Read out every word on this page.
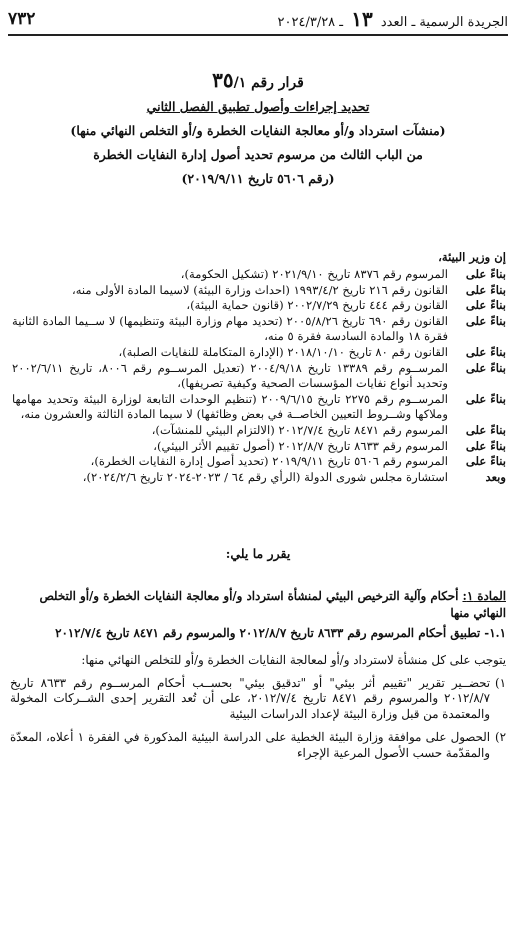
الجريدة الرسمية ـ العدد ١٣ ـ ٢٠٢٤/٣/٢٨
٧٣٢
قرار رقم ٣٥/١
تحديد إجراءات وأصول تطبيق الفصل الثاني
(منشآت استرداد و/أو معالجة النفايات الخطرة و/أو التخلص النهائي منها)
من الباب الثالث من مرسوم تحديد أصول إدارة النفايات الخطرة
(رقم ٥٦٠٦ تاريخ ٢٠١٩/٩/١١)
إن وزير البيئة،
بناءً على
المرسوم رقم ٨٣٧٦ تاريخ ٢٠٢١/٩/١٠ (تشكيل الحكومة)،
بناءً على
القانون رقم ٢١٦ تاريخ ١٩٩٣/٤/٢ (احداث وزارة البيئة) لاسيما المادة الأولى منه،
بناءً على
القانون رقم ٤٤٤ تاريخ ٢٠٠٢/٧/٢٩ (قانون حماية البيئة)،
بناءً على
القانون رقم ٦٩٠ تاريخ ٢٠٠٥/٨/٢٦ (تحديد مهام وزارة البيئة وتنظيمها) لا ســيما المادة الثانية فقرة ١٨ والمادة السادسة فقرة ٥ منه،
بناءً على
القانون رقم ٨٠ تاريخ ٢٠١٨/١٠/١٠ (الإدارة المتكاملة للنفايات الصلبة)،
بناءً على
المرســوم رقم ١٣٣٨٩ تاريخ ٢٠٠٤/٩/١٨ (تعديل المرســوم رقم ٨٠٠٦، تاريخ ٢٠٠٢/٦/١١ وتحديد أنواع نفايات المؤسسات الصحية وكيفية تصريفها)،
بناءً على
المرســوم رقم ٢٢٧٥ تاريخ ٢٠٠٩/٦/١٥ (تنظيم الوحدات التابعة لوزارة البيئة وتحديد مهامها وملاكها وشــروط التعيين الخاصــة في بعض وظائفها) لا سيما المادة الثالثة والعشرون منه،
بناءً على
المرسوم رقم ٨٤٧١ تاريخ ٢٠١٢/٧/٤ (الالتزام البيئي للمنشآت)،
بناءً على
المرسوم رقم ٨٦٣٣ تاريخ ٢٠١٢/٨/٧ (أصول تقييم الأثر البيئي)،
بناءً على
المرسوم رقم ٥٦٠٦ تاريخ ٢٠١٩/٩/١١ (تحديد أصول إدارة النفايات الخطرة)،
وبعد
استشارة مجلس شورى الدولة (الرأي رقم ٦٤ / ٢٠٢٣-٢٠٢٤ تاريخ ٢٠٢٤/٢/٦)،
يقرر ما يلي:
المادة ١: أحكام وآلية الترخيص البيئي لمنشأة استرداد و/أو معالجة النفايات الخطرة و/أو التخلص النهائي منها
١.١- تطبيق أحكام المرسوم رقم ٨٦٣٣ تاريخ ٢٠١٢/٨/٧ والمرسوم رقم ٨٤٧١ تاريخ ٢٠١٢/٧/٤
يتوجب على كل منشأة لاسترداد و/أو لمعالجة النفايات الخطرة و/أو للتخلص النهائي منها:
١)
تحضــير تقرير "تقييم أثر بيئي" أو "تدقيق بيئي" بحســب أحكام المرســوم رقم ٨٦٣٣ تاريخ ٢٠١٢/٨/٧ والمرسوم رقم ٨٤٧١ تاريخ ٢٠١٢/٧/٤، على أن تُعد التقرير إحدى الشــركات المخولة والمعتمدة من قبل وزارة البيئة لإعداد الدراسات البيئية
٢)
الحصول على موافقة وزارة البيئة الخطية على الدراسة البيئية المذكورة في الفقرة ١ أعلاه، المعدّة والمقدّمة حسب الأصول المرعية الإجراء
